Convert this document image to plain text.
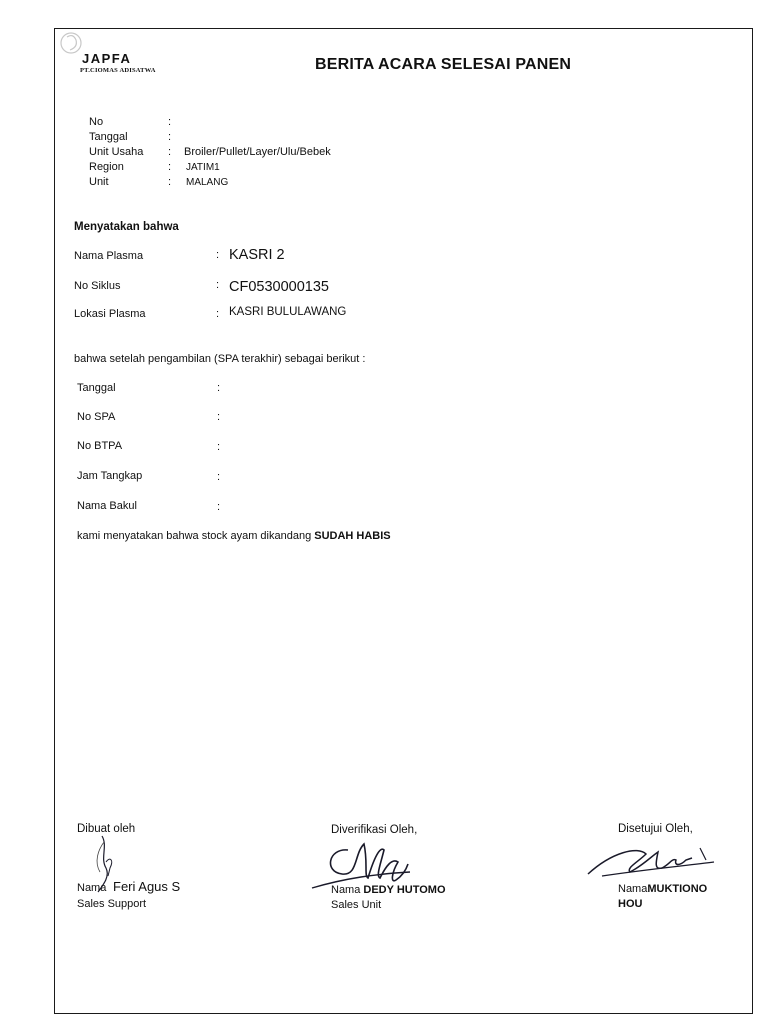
JAPFA
PT.CIOMAS ADISATWA	BERITA ACARA SELESAI PANEN
No	:
Tanggal	:
Unit Usaha : Broiler/Pullet/Layer/Ulu/Bebek
Region	: JATIM1
Unit	: MALANG
Menyatakan bahwa
Nama Plasma	: KASRI 2
No Siklus	: CF0530000135
Lokasi Plasma	: KASRI BULULAWANG
bahwa setelah pengambilan (SPA terakhir) sebagai berikut :
Tanggal	:
No SPA	:
No BTPA	:
Jam Tangkap	:
Nama Bakul	:
kami menyatakan bahwa stock ayam dikandang SUDAH HABIS
Dibuat oleh
Nama Feri Agus S
Sales Support
Diverifikasi Oleh,
Nama DEDY HUTOMO
Sales Unit
Disetujui Oleh,
NamaMUKTIONO
HOU
